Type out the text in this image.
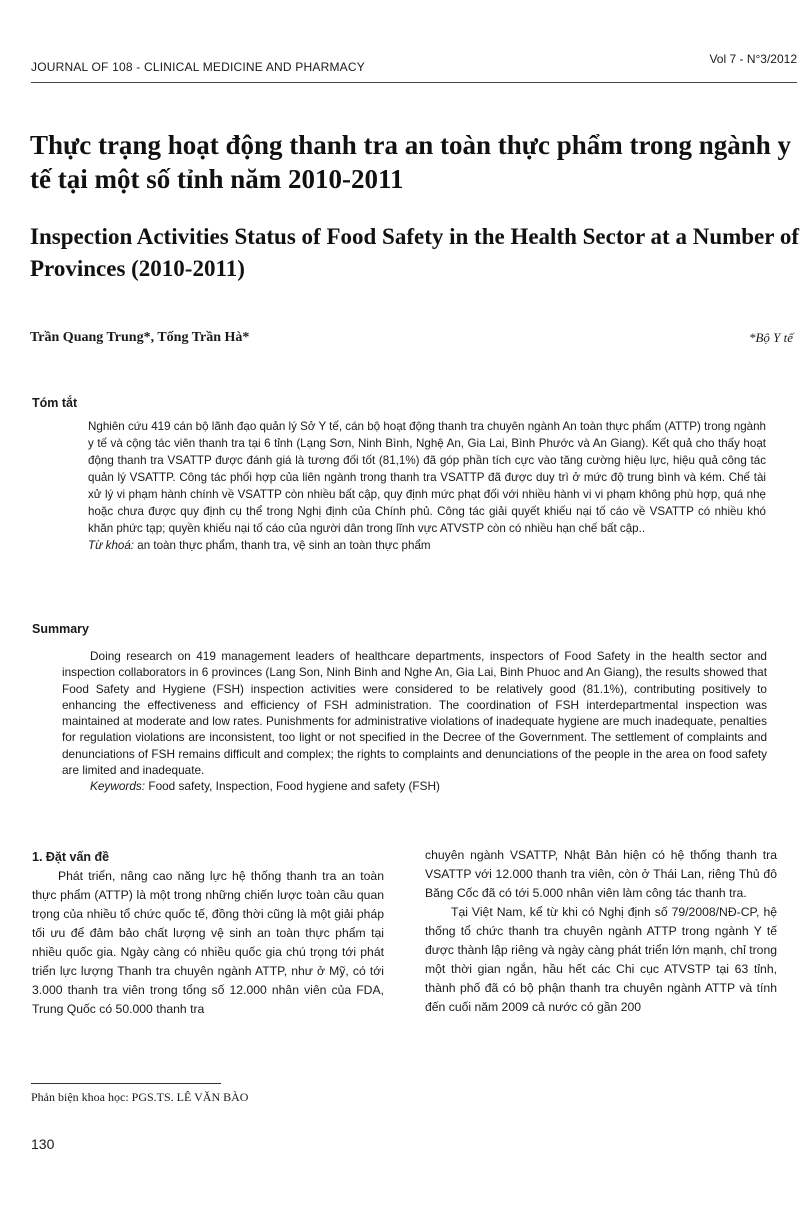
JOURNAL OF 108 - CLINICAL MEDICINE AND PHARMACY
Vol 7 - N°3/2012
Thực trạng hoạt động thanh tra an toàn thực phẩm trong ngành y tế tại một số tỉnh năm 2010-2011
Inspection Activities Status of Food Safety in the Health Sector at a Number of Provinces (2010-2011)
Trần Quang Trung*, Tống Trần Hà*	*Bộ Y tế
Tóm tắt

Nghiên cứu 419 cán bộ lãnh đạo quản lý Sở Y tế, cán bộ hoạt động thanh tra chuyên ngành An toàn thực phẩm (ATTP) trong ngành y tế và cộng tác viên thanh tra tại 6 tỉnh (Lạng Sơn, Ninh Bình, Nghệ An, Gia Lai, Bình Phước và An Giang). Kết quả cho thấy hoạt động thanh tra VSATTP được đánh giá là tương đối tốt (81,1%) đã góp phần tích cực vào tăng cường hiệu lực, hiệu quả công tác quản lý VSATTP. Công tác phối hợp của liên ngành trong thanh tra VSATTP đã được duy trì ở mức độ trung bình và kém. Chế tài xử lý vi phạm hành chính về VSATTP còn nhiều bất cập, quy định mức phạt đối với nhiều hành vi vi phạm không phù hợp, quá nhẹ hoặc chưa được quy định cụ thể trong Nghị định của Chính phủ. Công tác giải quyết khiếu nại tố cáo về VSATTP có nhiều khó khăn phức tạp; quyền khiếu nại tố cáo của người dân trong lĩnh vực ATVSTP còn có nhiều hạn chế bất cập..

Từ khoá: an toàn thực phẩm, thanh tra, vệ sinh an toàn thực phẩm

Summary

Doing research on 419 management leaders of healthcare departments, inspectors of Food Safety in the health sector and inspection collaborators in 6 provinces (Lang Son, Ninh Binh and Nghe An, Gia Lai, Binh Phuoc and An Giang), the results showed that Food Safety and Hygiene (FSH) inspection activities were considered to be relatively good (81.1%), contributing positively to enhancing the effectiveness and efficiency of FSH administration. The coordination of FSH interdepartmental inspection was maintained at moderate and low rates. Punishments for administrative violations of inadequate hygiene are much inadequate, penalties for regulation violations are inconsistent, too light or not specified in the Decree of the Government. The settlement of complaints and denunciations of FSH remains difficult and complex; the rights to complaints and denunciations of the people in the area on food safety are limited and inadequate.

Keywords: Food safety, Inspection, Food hygiene and safety (FSH)

1. Đặt vấn đề

Phát triển, nâng cao năng lực hệ thống thanh tra an toàn thực phẩm (ATTP) là một trong những chiến lược toàn cầu quan trọng của nhiều tổ chức quốc tế, đồng thời cũng là một giải pháp tối ưu để đảm bảo chất lượng vệ sinh an toàn thực phẩm tại nhiều quốc gia. Ngày càng có nhiều quốc gia chú trọng tới phát triển lực lượng Thanh tra chuyên ngành ATTP, như ở Mỹ, có tới 3.000 thanh tra viên trong tổng số 12.000 nhân viên của FDA, Trung Quốc có 50.000 thanh tra

chuyên ngành VSATTP, Nhật Bản hiện có hệ thống thanh tra VSATTP với 12.000 thanh tra viên, còn ở Thái Lan, riêng Thủ đô Băng Cốc đã có tới 5.000 nhân viên làm công tác thanh tra.

Tại Việt Nam, kể từ khi có Nghị định số 79/2008/NĐ-CP, hệ thống tổ chức thanh tra chuyên ngành ATTP trong ngành Y tế được thành lập riêng và ngày càng phát triển lớn mạnh, chỉ trong một thời gian ngắn, hầu hết các Chi cục ATVSTP tại 63 tỉnh, thành phố đã có bộ phận thanh tra chuyên ngành ATTP và tính đến cuối năm 2009 cả nước có gần 200

Phản biện khoa học: PGS.TS. LÊ VĂN BÀO
130
